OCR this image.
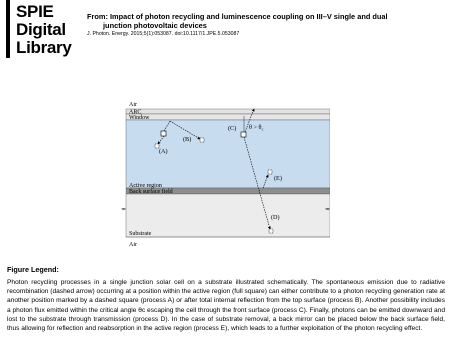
SPIE
Digital
Library
From: Impact of photon recycling and luminescence coupling on III–V single and dual
junction photovoltaic devices
J. Photon. Energy. 2015;5(1):053087. doi:10.1117/1.JPE.5.053087
≈	≈
Air
ARC
Window
Active region
Back surface field
Substrate
Air
(A)
(B)
(C) $\theta > \theta_c$
(D)
(E)
Figure Legend:
Photon recycling processes in a single junction solar cell on a substrate illustrated schematically. The spontaneous emission due to radiative recombination (dashed arrow) occurring at a position within the active region (full square) can either contribute to a photon recycling generation rate at another position marked by a dashed square (process A) or after total internal reflection from the top surface (process B). Another possibility includes a photon flux emitted within the critical angle θc escaping the cell through the front surface (process C). Finally, photons can be emitted downward and lost to the substrate through transmission (process D). In the case of substrate removal, a back mirror can be placed below the back surface field, thus allowing for reflection and reabsorption in the active region (process E), which leads to a further exploitation of the photon recycling effect.
